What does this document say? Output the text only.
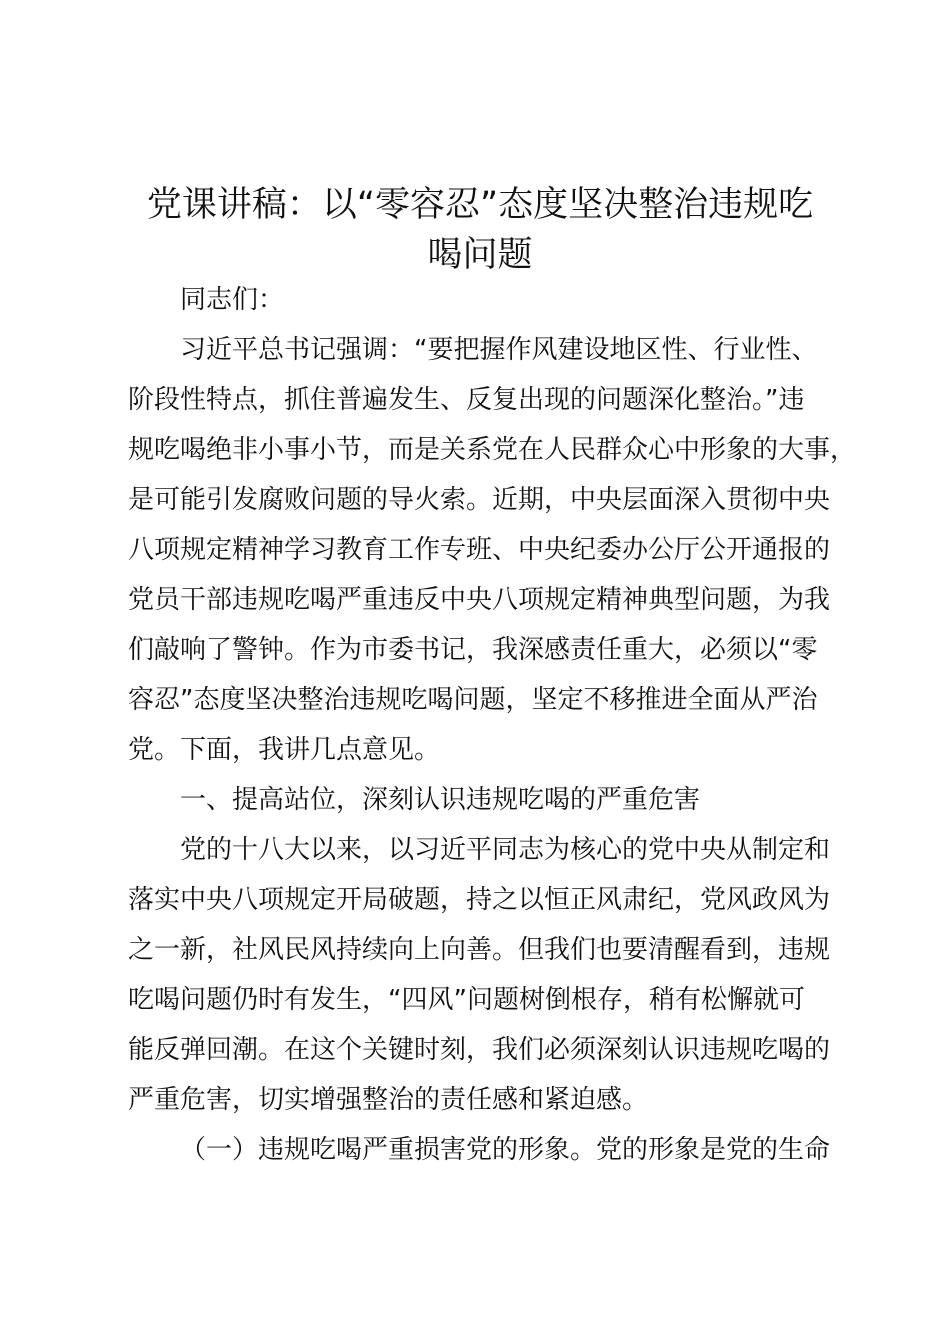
党课讲稿：以“零容忍”态度坚决整治违规吃
喝问题
同志们：
习近平总书记强调：“要把握作风建设地区性、行业性、
阶段性特点，抓住普遍发生、反复出现的问题深化整治。”违
规吃喝绝非小事小节，而是关系党在人民群众心中形象的大事，
是可能引发腐败问题的导火索。近期，中央层面深入贯彻中央
八项规定精神学习教育工作专班、中央纪委办公厅公开通报的
党员干部违规吃喝严重违反中央八项规定精神典型问题，为我
们敲响了警钟。作为市委书记，我深感责任重大，必须以“零
容忍”态度坚决整治违规吃喝问题，坚定不移推进全面从严治
党。下面，我讲几点意见。
一、提高站位，深刻认识违规吃喝的严重危害
党的十八大以来，以习近平同志为核心的党中央从制定和
落实中央八项规定开局破题，持之以恒正风肃纪，党风政风为
之一新，社风民风持续向上向善。但我们也要清醒看到，违规
吃喝问题仍时有发生，“四风”问题树倒根存，稍有松懈就可
能反弹回潮。在这个关键时刻，我们必须深刻认识违规吃喝的
严重危害，切实增强整治的责任感和紧迫感。
（一）违规吃喝严重损害党的形象。党的形象是党的生命
